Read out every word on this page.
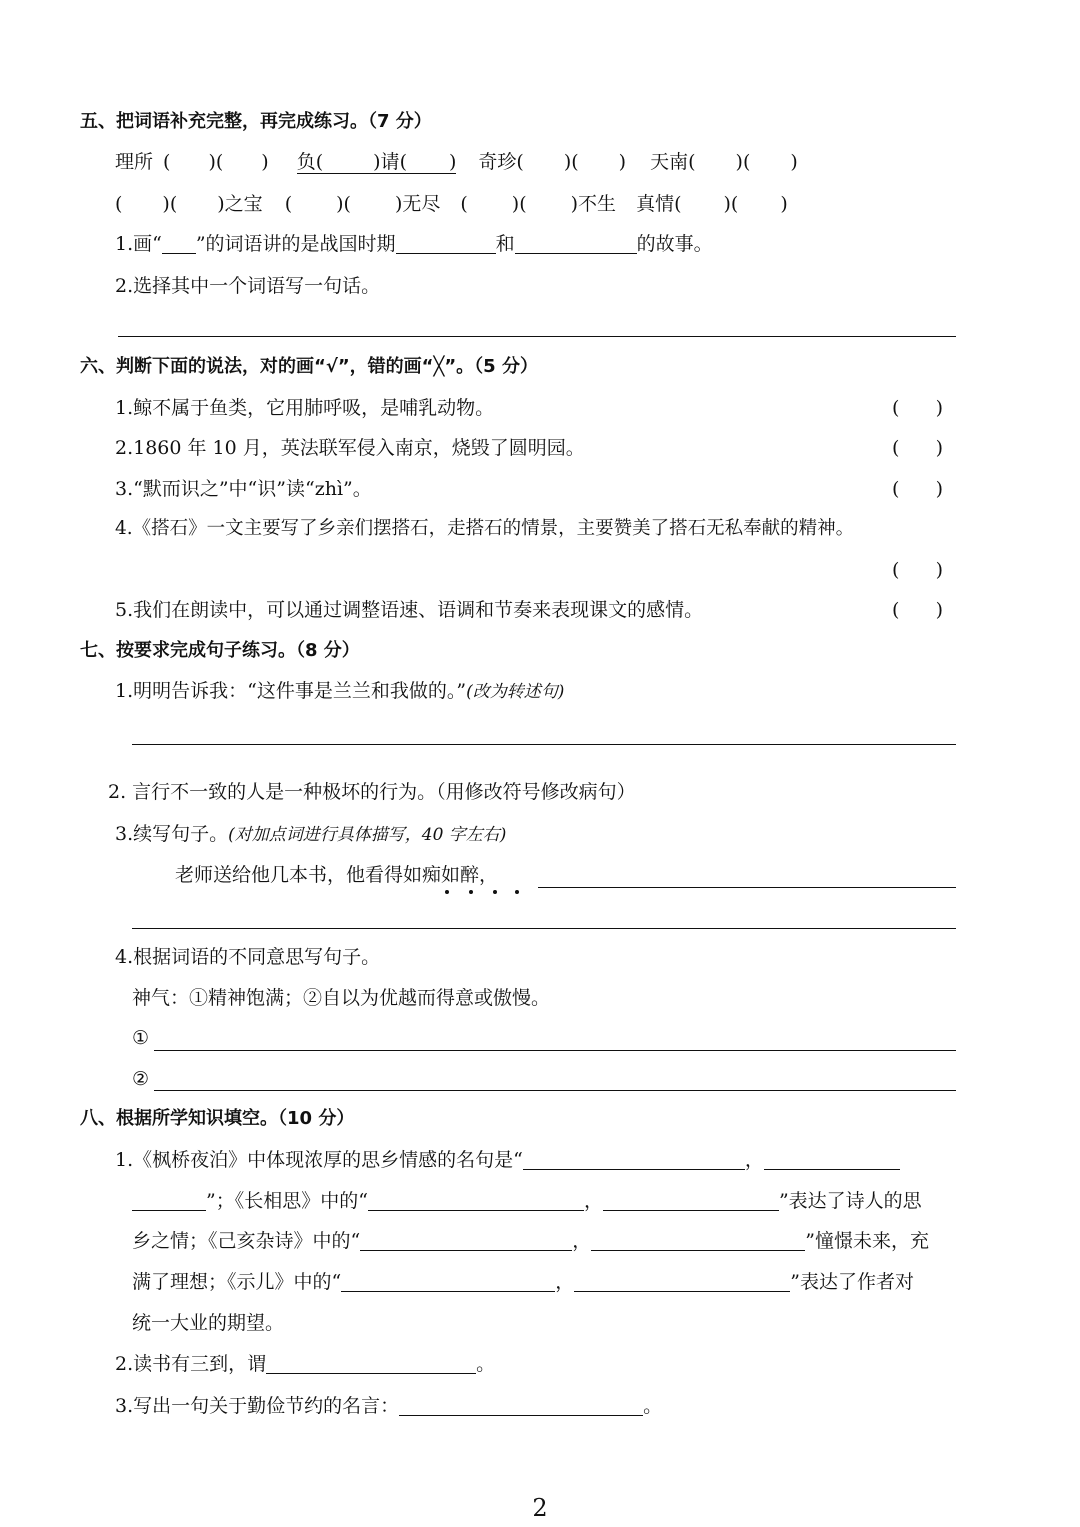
五、把词语补充完整，再完成练习。（7 分）
理所 ( )( ) 负(	)请( ) 奇珍( )( ) 天南( )( )
( )( )之宝 ( )( )无尽 ( )( )不生 真情( )( )
1.画“ ”的词语讲的是战国时期	和	的故事。
2.选择其中一个词语写一句话。
六、判断下面的说法，对的画“√”，错的画“╳”。（5 分）
1.鲸不属于鱼类，它用肺呼吸，是哺乳动物。	(      )
2.1860 年 10 月，英法联军侵入南京，烧毁了圆明园。	(      )
3.“默而识之”中“识”读“zhì”。	(      )
4.《搭石》一文主要写了乡亲们摆搭石，走搭石的情景，主要赞美了搭石无私奉献的精神。
(      )
5.我们在朗读中，可以通过调整语速、语调和节奏来表现课文的感情。	(      )
七、按要求完成句子练习。（8 分）
1.明明告诉我：“这件事是兰兰和我做的。”(改为转述句)
2. 言行不一致的人是一种极坏的行为。（用修改符号修改病句）
3.续写句子。(对加点词进行具体描写，40 字左右)
老师送给他几本书，他看得如痴如醉，
4.根据词语的不同意思写句子。
神气：①精神饱满；②自以为优越而得意或傲慢。
①
②
八、根据所学知识填空。（10 分）
1.《枫桥夜泊》中体现浓厚的思乡情感的名句是“	，
”；《长相思》中的“	，	”表达了诗人的思
乡之情；《己亥杂诗》中的“	，	”憧憬未来，充
满了理想；《示儿》中的“	，	”表达了作者对
统一大业的期望。
2.读书有三到，谓	。
3.写出一句关于勤俭节约的名言：	。
2
